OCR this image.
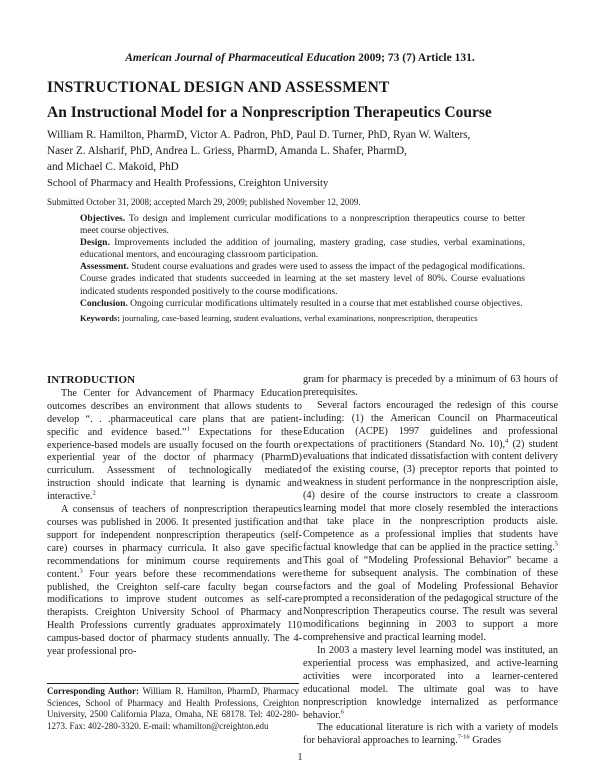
American Journal of Pharmaceutical Education 2009; 73 (7) Article 131.
INSTRUCTIONAL DESIGN AND ASSESSMENT
An Instructional Model for a Nonprescription Therapeutics Course
William R. Hamilton, PharmD, Victor A. Padron, PhD, Paul D. Turner, PhD, Ryan W. Walters,
Naser Z. Alsharif, PhD, Andrea L. Griess, PharmD, Amanda L. Shafer, PharmD,
and Michael C. Makoid, PhD
School of Pharmacy and Health Professions, Creighton University
Submitted October 31, 2008; accepted March 29, 2009; published November 12, 2009.

Objectives. To design and implement curricular modifications to a nonprescription therapeutics course to better meet course objectives.

Design. Improvements included the addition of journaling, mastery grading, case studies, verbal examinations, educational mentors, and encouraging classroom participation.

Assessment. Student course evaluations and grades were used to assess the impact of the pedagogical modifications. Course grades indicated that students succeeded in learning at the set mastery level of 80%. Course evaluations indicated students responded positively to the course modifications.

Conclusion. Ongoing curricular modifications ultimately resulted in a course that met established course objectives.

Keywords: journaling, case-based learning, student evaluations, verbal examinations, nonprescription, therapeutics

INTRODUCTION

The Center for Advancement of Pharmacy Education outcomes describes an environment that allows students to develop “. . .pharmaceutical care plans that are patient-specific and evidence based.”$^1$ Expectations for these experience-based models are usually focused on the fourth or experiential year of the doctor of pharmacy (PharmD) curriculum. Assessment of technologically mediated instruction should indicate that learning is dynamic and interactive.$^2$

A consensus of teachers of nonprescription therapeutics courses was published in 2006. It presented justification and support for independent nonprescription therapeutics (self-care) courses in pharmacy curricula. It also gave specific recommendations for minimum course requirements and content.$^3$ Four years before these recommendations were published, the Creighton self-care faculty began course modifications to improve student outcomes as self-care therapists. Creighton University School of Pharmacy and Health Professions currently graduates approximately 110 campus-based doctor of pharmacy students annually. The 4-year professional pro-

gram for pharmacy is preceded by a minimum of 63 hours of prerequisites.

Several factors encouraged the redesign of this course including: (1) the American Council on Pharmaceutical Education (ACPE) 1997 guidelines and professional expectations of practitioners (Standard No. 10),$^4$ (2) student evaluations that indicated dissatisfaction with content delivery of the existing course, (3) preceptor reports that pointed to weakness in student performance in the nonprescription aisle, (4) desire of the course instructors to create a classroom learning model that more closely resembled the interactions that take place in the nonprescription products aisle. Competence as a professional implies that students have factual knowledge that can be applied in the practice setting.$^5$ This goal of “Modeling Professional Behavior” became a theme for subsequent analysis. The combination of these factors and the goal of Modeling Professional Behavior prompted a reconsideration of the pedagogical structure of the Nonprescription Therapeutics course. The result was several modifications beginning in 2003 to support a more comprehensive and practical learning model.

In 2003 a mastery level learning model was instituted, an experiential process was emphasized, and active-learning activities were incorporated into a learner-centered educational model. The ultimate goal was to have nonprescription knowledge internalized as performance behavior.$^6$

The educational literature is rich with a variety of models for behavioral approaches to learning.$^{7-16}$ Grades

Corresponding Author: William R. Hamilton, PharmD, Pharmacy Sciences, School of Pharmacy and Health Professions, Creighton University, 2500 California Plaza, Omaha, NE 68178. Tel: 402-280-1273. Fax: 402-280-3320. E-mail: whamilton@creighton.edu
1
